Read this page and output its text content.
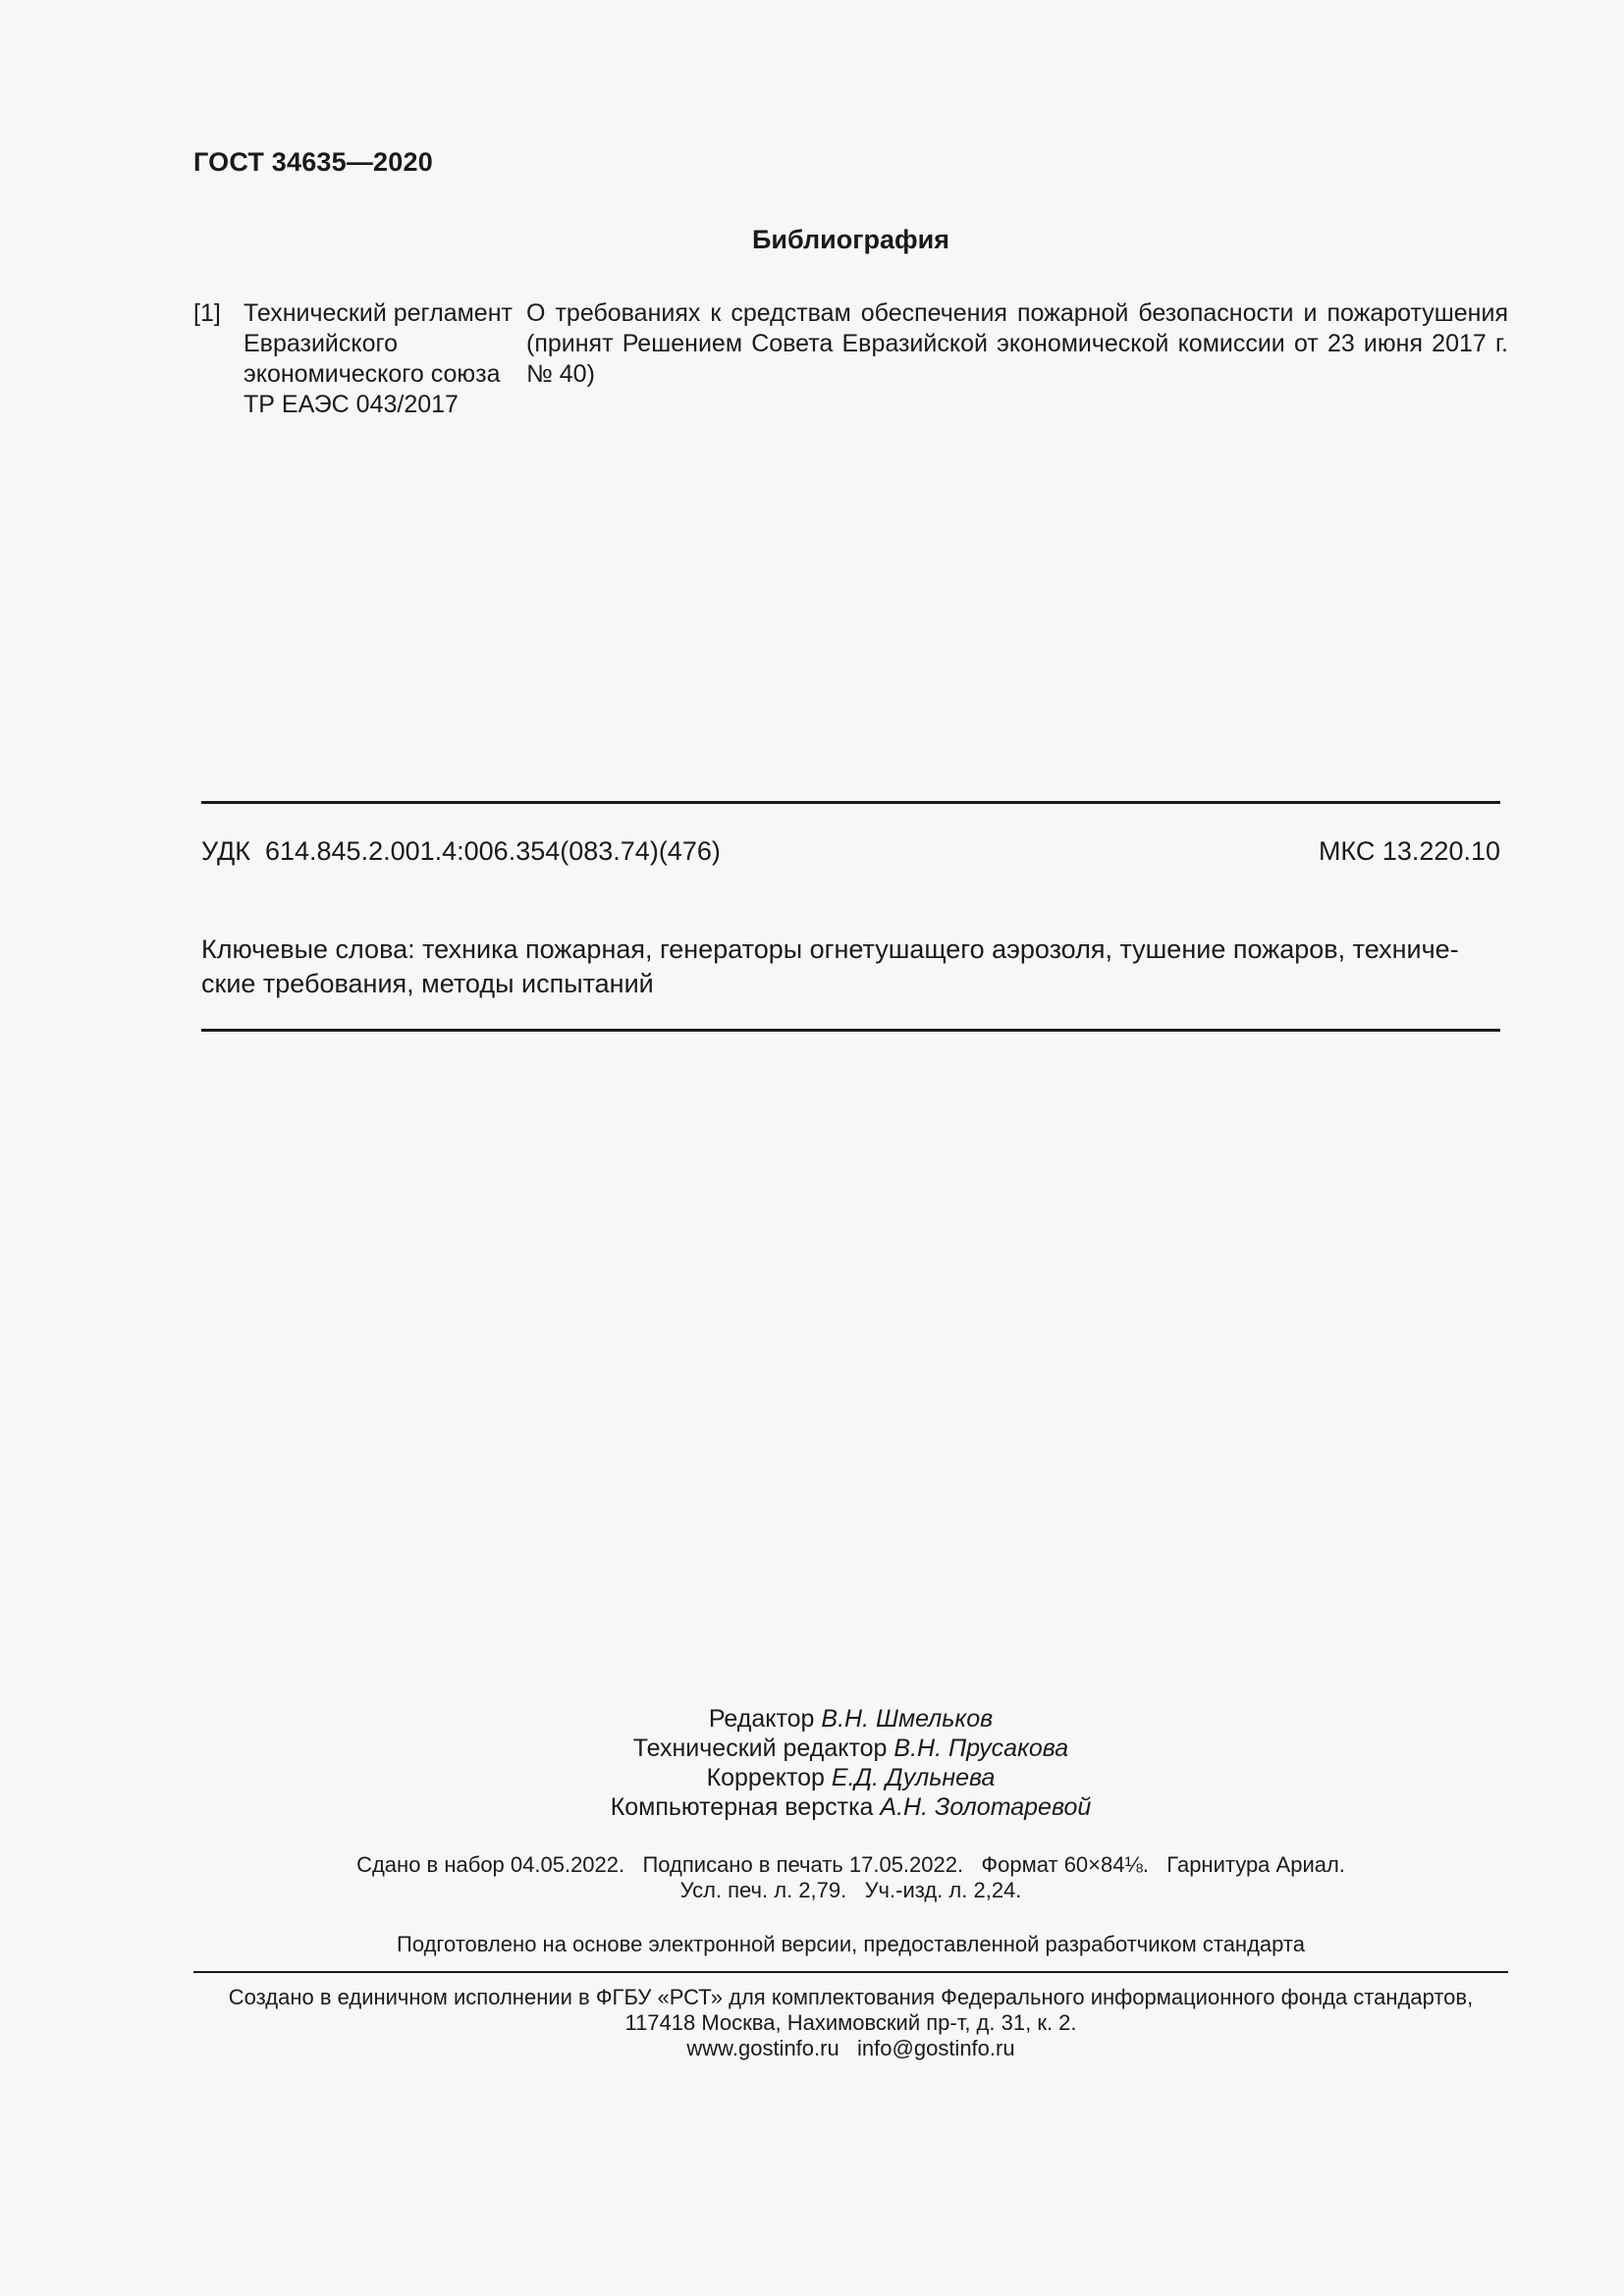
ГОСТ 34635—2020
Библиография
[1] Технический регламент
Евразийского
экономического союза
ТР ЕАЭС 043/2017
О требованиях к средствам обеспечения пожарной безопасности и пожаротушения
(принят Решением Совета Евразийской экономической комиссии от 23 июня 2017 г.
№ 40)
УДК 614.845.2.001.4:006.354(083.74)(476)	МКС 13.220.10
Ключевые слова: техника пожарная, генераторы огнетушащего аэрозоля, тушение пожаров, техниче-
ские требования, методы испытаний
Редактор В.Н. Шмельков
Технический редактор В.Н. Прусакова
Корректор Е.Д. Дульнева
Компьютерная верстка А.Н. Золотаревой
Сдано в набор 04.05.2022.   Подписано в печать 17.05.2022.   Формат 60×84⅛.   Гарнитура Ариал.
Усл. печ. л. 2,79.   Уч.-изд. л. 2,24.
Подготовлено на основе электронной версии, предоставленной разработчиком стандарта
Создано в единичном исполнении в ФГБУ «РСТ» для комплектования Федерального информационного фонда стандартов,
117418 Москва, Нахимовский пр-т, д. 31, к. 2.
www.gostinfo.ru info@gostinfo.ru
